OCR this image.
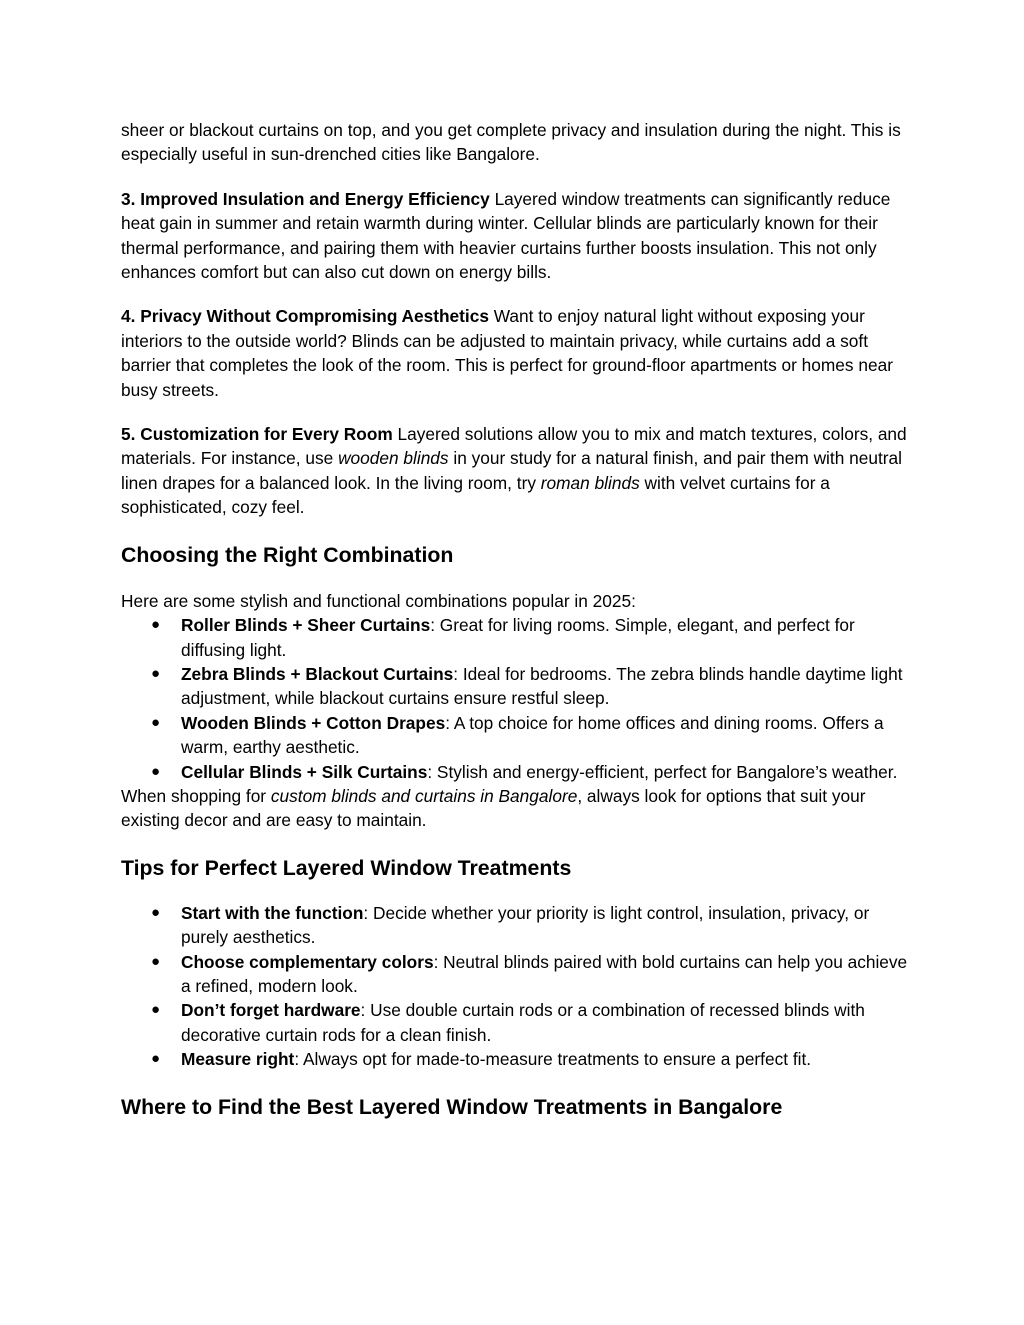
sheer or blackout curtains on top, and you get complete privacy and insulation during the night. This is especially useful in sun-drenched cities like Bangalore.

3. Improved Insulation and Energy Efficiency Layered window treatments can significantly reduce heat gain in summer and retain warmth during winter. Cellular blinds are particularly known for their thermal performance, and pairing them with heavier curtains further boosts insulation. This not only enhances comfort but can also cut down on energy bills.

4. Privacy Without Compromising Aesthetics Want to enjoy natural light without exposing your interiors to the outside world? Blinds can be adjusted to maintain privacy, while curtains add a soft barrier that completes the look of the room. This is perfect for ground-floor apartments or homes near busy streets.

5. Customization for Every Room Layered solutions allow you to mix and match textures, colors, and materials. For instance, use wooden blinds in your study for a natural finish, and pair them with neutral linen drapes for a balanced look. In the living room, try roman blinds with velvet curtains for a sophisticated, cozy feel.

Choosing the Right Combination

Here are some stylish and functional combinations popular in 2025:

● Roller Blinds + Sheer Curtains: Great for living rooms. Simple, elegant, and perfect for diffusing light.
● Zebra Blinds + Blackout Curtains: Ideal for bedrooms. The zebra blinds handle daytime light adjustment, while blackout curtains ensure restful sleep.
● Wooden Blinds + Cotton Drapes: A top choice for home offices and dining rooms. Offers a warm, earthy aesthetic.
● Cellular Blinds + Silk Curtains: Stylish and energy-efficient, perfect for Bangalore’s weather.

When shopping for custom blinds and curtains in Bangalore, always look for options that suit your existing decor and are easy to maintain.

Tips for Perfect Layered Window Treatments
● Start with the function: Decide whether your priority is light control, insulation, privacy, or purely aesthetics.
● Choose complementary colors: Neutral blinds paired with bold curtains can help you achieve a refined, modern look.
● Don’t forget hardware: Use double curtain rods or a combination of recessed blinds with decorative curtain rods for a clean finish.
● Measure right: Always opt for made-to-measure treatments to ensure a perfect fit.
Where to Find the Best Layered Window Treatments in Bangalore
